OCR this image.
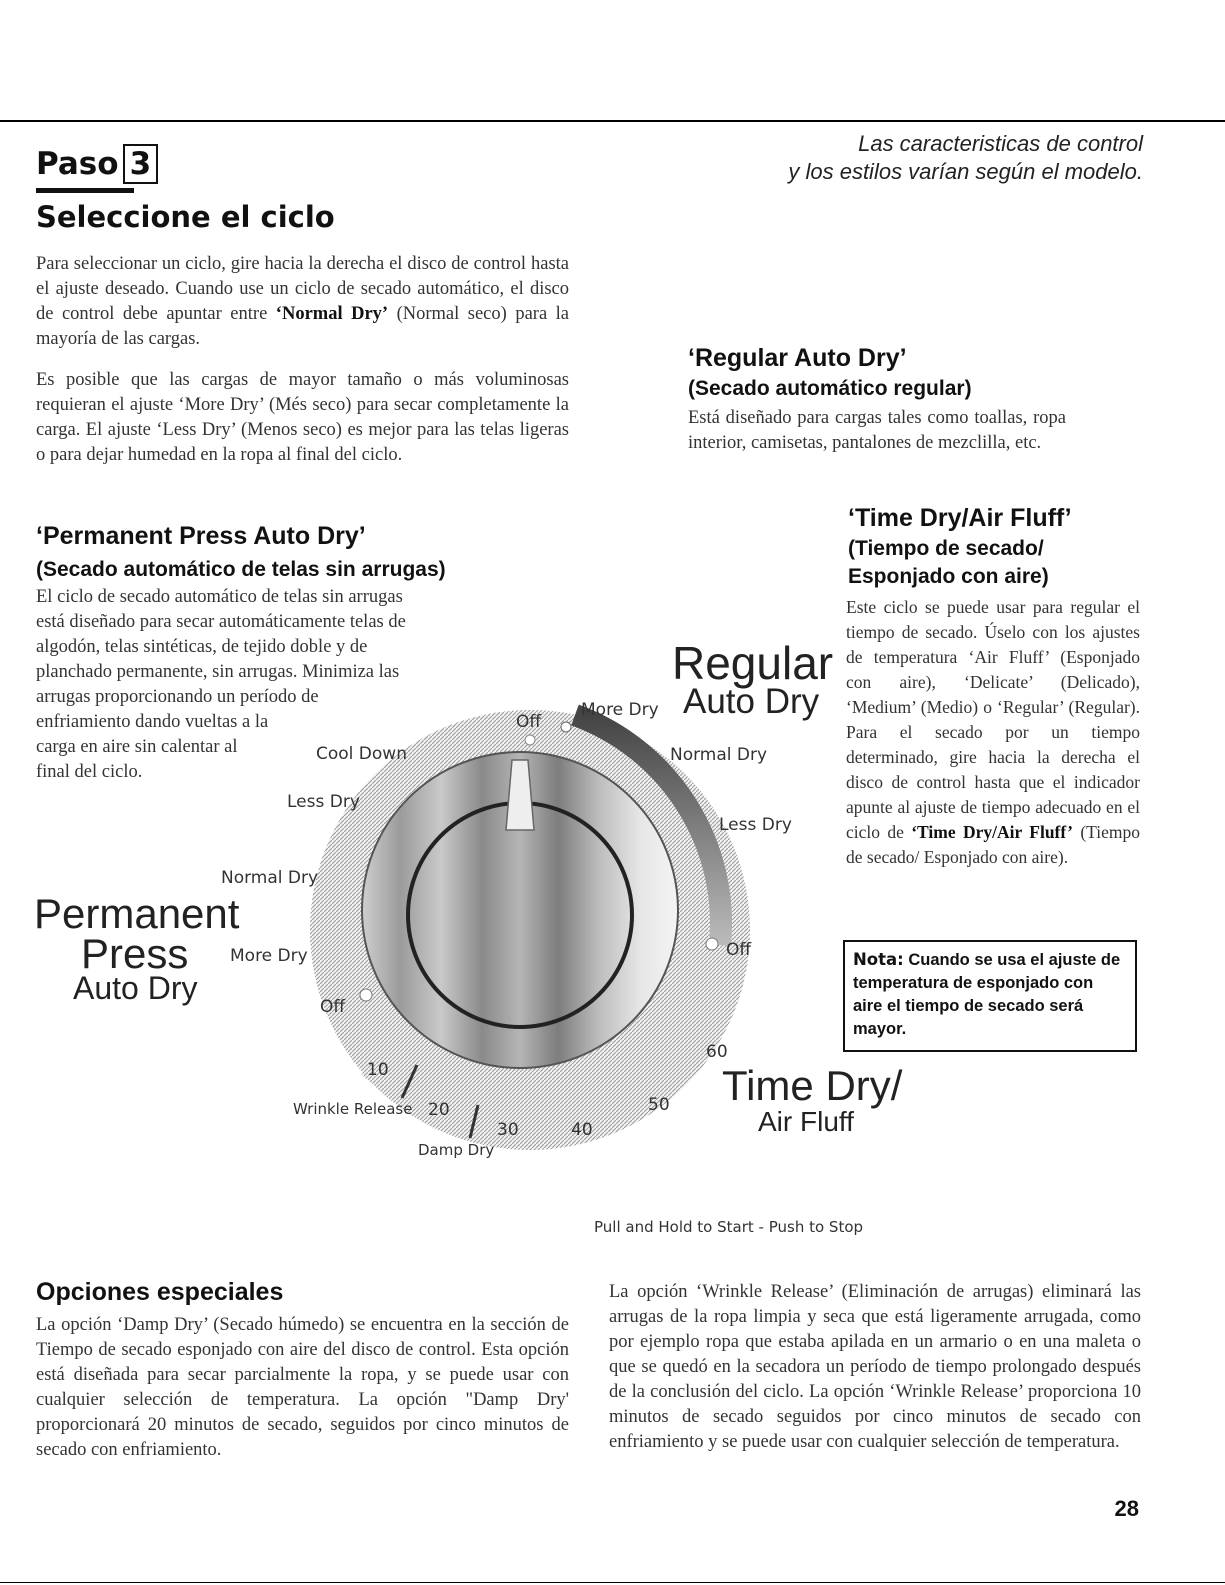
Paso 3
Seleccione el ciclo
Las caracteristicas de control
y los estilos varían según el modelo.
Para seleccionar un ciclo, gire hacia la derecha el disco de control hasta el ajuste deseado. Cuando use un ciclo de secado automático, el disco de control debe apuntar entre ‘Normal Dry’ (Normal seco) para la mayoría de las cargas.
Es posible que las cargas de mayor tamaño o más voluminosas requieran el ajuste ‘More Dry’ (Més seco) para secar completamente la carga. El ajuste ‘Less Dry’ (Menos seco) es mejor para las telas ligeras o para dejar humedad en la ropa al final del ciclo.
‘Regular Auto Dry’
(Secado automático regular)
Está diseñado para cargas tales como toallas, ropa interior, camisetas, pantalones de mezclilla, etc.
‘Permanent Press Auto Dry’
(Secado automático de telas sin arrugas)
El ciclo de secado automático de telas sin arrugas
está diseñado para secar automáticamente telas de
algodón, telas sintéticas, de tejido doble y de
planchado permanente, sin arrugas. Minimiza las
arrugas proporcionando un período de
enfriamiento dando vueltas a la
carga en aire sin calentar al
final del ciclo.
‘Time Dry/Air Fluff’
(Tiempo de secado/
Esponjado con aire)
Este ciclo se puede usar para regular el tiempo de secado. Úselo con los ajustes de temperatura ‘Air Fluff’ (Esponjado con aire), ‘Delicate’ (Delicado), ‘Medium’ (Medio) o ‘Regular’ (Regular). Para el secado por un tiempo determinado, gire hacia la derecha el disco de control hasta que el indicador apunte al ajuste de tiempo adecuado en el ciclo de ‘Time Dry/Air Fluff’ (Tiempo de secado/ Esponjado con aire).
Nota: Cuando se usa el ajuste de temperatura de esponjado con aire el tiempo de secado será mayor.
Regular
Auto Dry
Permanent
Press
Auto Dry
Time Dry/
Air Fluff
Off
More Dry
Normal Dry
Less Dry
Off
Cool Down
Less Dry
Normal Dry
More Dry
Off
60
50
40
30
20
10
Wrinkle Release
Damp Dry
Pull and Hold to Start - Push to Stop
Opciones especiales
La opción ‘Damp Dry’ (Secado húmedo) se encuentra en la sección de Tiempo de secado esponjado con aire del disco de control. Esta opción está diseñada para secar parcialmente la ropa, y se puede usar con cualquier selección de temperatura. La opción "Damp Dry' proporcionará 20 minutos de secado, seguidos por cinco minutos de secado con enfriamiento.
La opción ‘Wrinkle Release’ (Eliminación de arrugas) eliminará las arrugas de la ropa limpia y seca que está ligeramente arrugada, como por ejemplo ropa que estaba apilada en un armario o en una maleta o que se quedó en la secadora un período de tiempo prolongado después de la conclusión del ciclo. La opción ‘Wrinkle Release’ proporciona 10 minutos de secado seguidos por cinco minutos de secado con enfriamiento y se puede usar con cualquier selección de temperatura.
28
